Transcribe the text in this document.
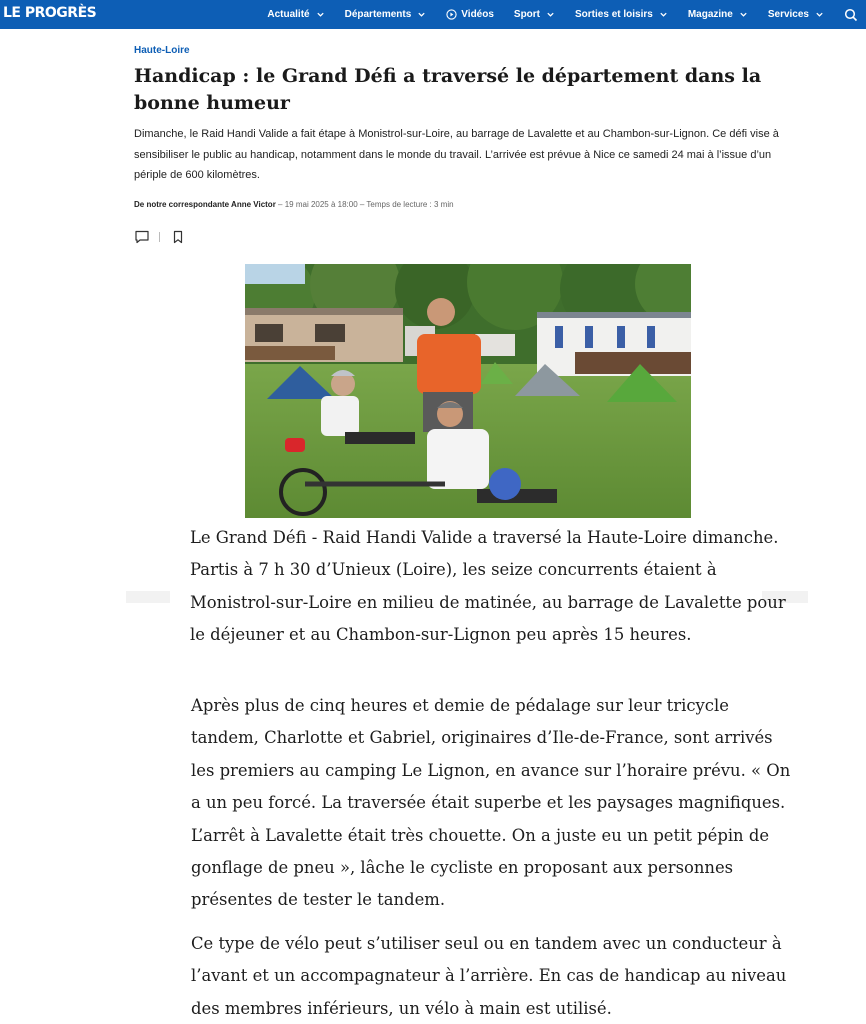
LE PROGRÈS	Actualité	Départements	Vidéos Sport	Sorties et loisirs	Magazine	Services
Haute-Loire
Handicap : le Grand Défi a traversé le département dans la bonne humeur

Dimanche, le Raid Handi Valide a fait étape à Monistrol-sur-Loire, au barrage de Lavalette et au Chambon-sur-Lignon. Ce défi vise à sensibiliser le public au handicap, notamment dans le monde du travail. L’arrivée est prévue à Nice ce samedi 24 mai à l’issue d’un périple de 600 kilomètres.

De notre correspondante Anne Victor – 19 mai 2025 à 18:00 – Temps de lecture : 3 min

Le Grand Défi - Raid Handi Valide a traversé la Haute-Loire dimanche. Partis à 7 h 30 d’Unieux (Loire), les seize concurrents étaient à Monistrol-sur-Loire en milieu de matinée, au barrage de Lavalette pour le déjeuner et au Chambon-sur-Lignon peu après 15 heures.

Après plus de cinq heures et demie de pédalage sur leur tricycle tandem, Charlotte et Gabriel, originaires d’Ile-de-France, sont arrivés les premiers au camping Le Lignon, en avance sur l’horaire prévu. « On a un peu forcé. La traversée était superbe et les paysages magnifiques. L’arrêt à Lavalette était très chouette. On a juste eu un petit pépin de gonflage de pneu », lâche le cycliste en proposant aux personnes présentes de tester le tandem.

Ce type de vélo peut s’utiliser seul ou en tandem avec un conducteur à l’avant et un accompagnateur à l’arrière. En cas de handicap au niveau des membres inférieurs, un vélo à main est utilisé.
